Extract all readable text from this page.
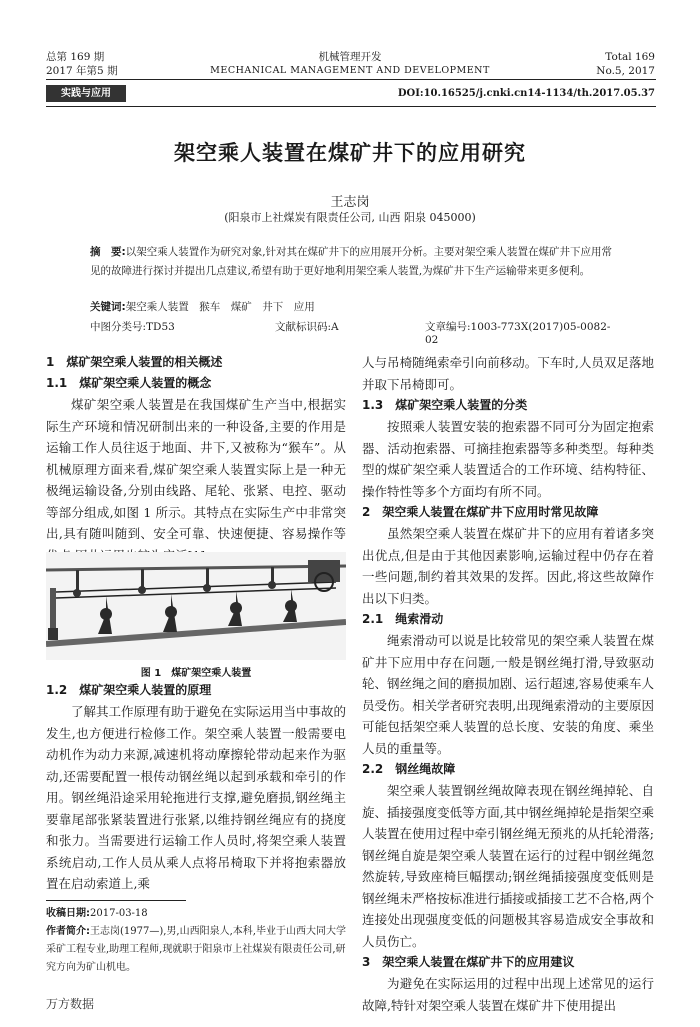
总第 169 期
2017 年第5 期
机械管理开发
MECHANICAL MANAGEMENT AND DEVELOPMENT
Total 169
No.5, 2017
实践与应用	DOI:10.16525/j.cnki.cn14-1134/th.2017.05.37
架空乘人装置在煤矿井下的应用研究
王志岗
(阳泉市上社煤炭有限责任公司, 山西 阳泉 045000)
摘　要:以架空乘人装置作为研究对象,针对其在煤矿井下的应用展开分析。主要对架空乘人装置在煤矿井下应用常见的故障进行探讨并提出几点建议,希望有助于更好地利用架空乘人装置,为煤矿井下生产运输带来更多便利。
关键词:架空乘人装置　猴车　煤矿　井下　应用
中图分类号:TD53	文献标识码:A	文章编号:1003-773X(2017)05-0082-02

1　煤矿架空乘人装置的相关概述

1.1　煤矿架空乘人装置的概念

煤矿架空乘人装置是在我国煤矿生产当中,根据实际生产环境和情况研制出来的一种设备,主要的作用是运输工作人员往返于地面、井下,又被称为“猴车”。从机械原理方面来看,煤矿架空乘人装置实际上是一种无极绳运输设备,分别由线路、尾轮、张紧、电控、驱动等部分组成,如图 1 所示。其特点在实际生产中非常突出,具有随叫随到、安全可靠、快速便捷、容易操作等

图 1　煤矿架空乘人装置

1.2　煤矿架空乘人装置的原理

了解其工作原理有助于避免在实际运用当中事故的发生,也方便进行检修工作。架空乘人装置一般需要电动机作为动力来源,减速机将动摩擦轮带动起来作为驱动,还需要配置一根传动钢丝绳以起到承载和牵引的作用。钢丝绳沿途采用轮拖进行支撑,避免磨损,钢丝绳主要靠尾部张紧装置进行张紧,以维持钢丝绳应有的挠度和张力。当需要进行运输工作人员时,将架空乘人装置系统启动,工作人员从乘人点将吊椅取下并将抱索器放置在启动索道上,乘

收稿日期:2017-03-18
作者简介:王志岗(1977—),男,山西阳泉人,本科,毕业于山西大同大学采矿工程专业,助理工程师,现就职于阳泉市上社煤炭有限责任公司,研究方向为矿山机电。

人与吊椅随绳索牵引向前移动。下车时,人员双足落地并取下吊椅即可。

1.3　煤矿架空乘人装置的分类

按照乘人装置安装的抱索器不同可分为固定抱索器、活动抱索器、可摘挂抱索器等多种类型。每种类型的煤矿架空乘人装置适合的工作环境、结构特征、操作特性等多个方面均有所不同。

2　架空乘人装置在煤矿井下应用时常见故障

虽然架空乘人装置在煤矿井下的应用有着诸多突出优点,但是由于其他因素影响,运输过程中仍存在着一些问题,制约着其效果的发挥。因此,将这些故障作出以下归类。

2.1　绳索滑动

绳索滑动可以说是比较常见的架空乘人装置在煤矿井下应用中存在问题,一般是钢丝绳打滑,导致驱动轮、钢丝绳之间的磨损加剧、运行超速,容易使乘车人员受伤。相关学者研究表明,出现绳索滑动的主要原因可能包括架空乘人装置的总长度、安装的角度、乘坐人员的重量等。

2.2　钢丝绳故障

架空乘人装置钢丝绳故障表现在钢丝绳掉轮、自旋、插接强度变低等方面,其中钢丝绳掉轮是指架空乘人装置在使用过程中牵引钢丝绳无预兆的从托轮滑落;钢丝绳自旋是架空乘人装置在运行的过程中钢丝绳忽然旋转,导致座椅巨幅摆动;钢丝绳插接强度变低则是钢丝绳未严格按标准进行插接或插接工艺不合格,两个连接处出现强度变低的问题极其容易造成安全事故和人员伤亡。

3　架空乘人装置在煤矿井下的应用建议

为避免在实际运用的过程中出现上述常见的运行故障,特针对架空乘人装置在煤矿井下使用提出

万方数据
